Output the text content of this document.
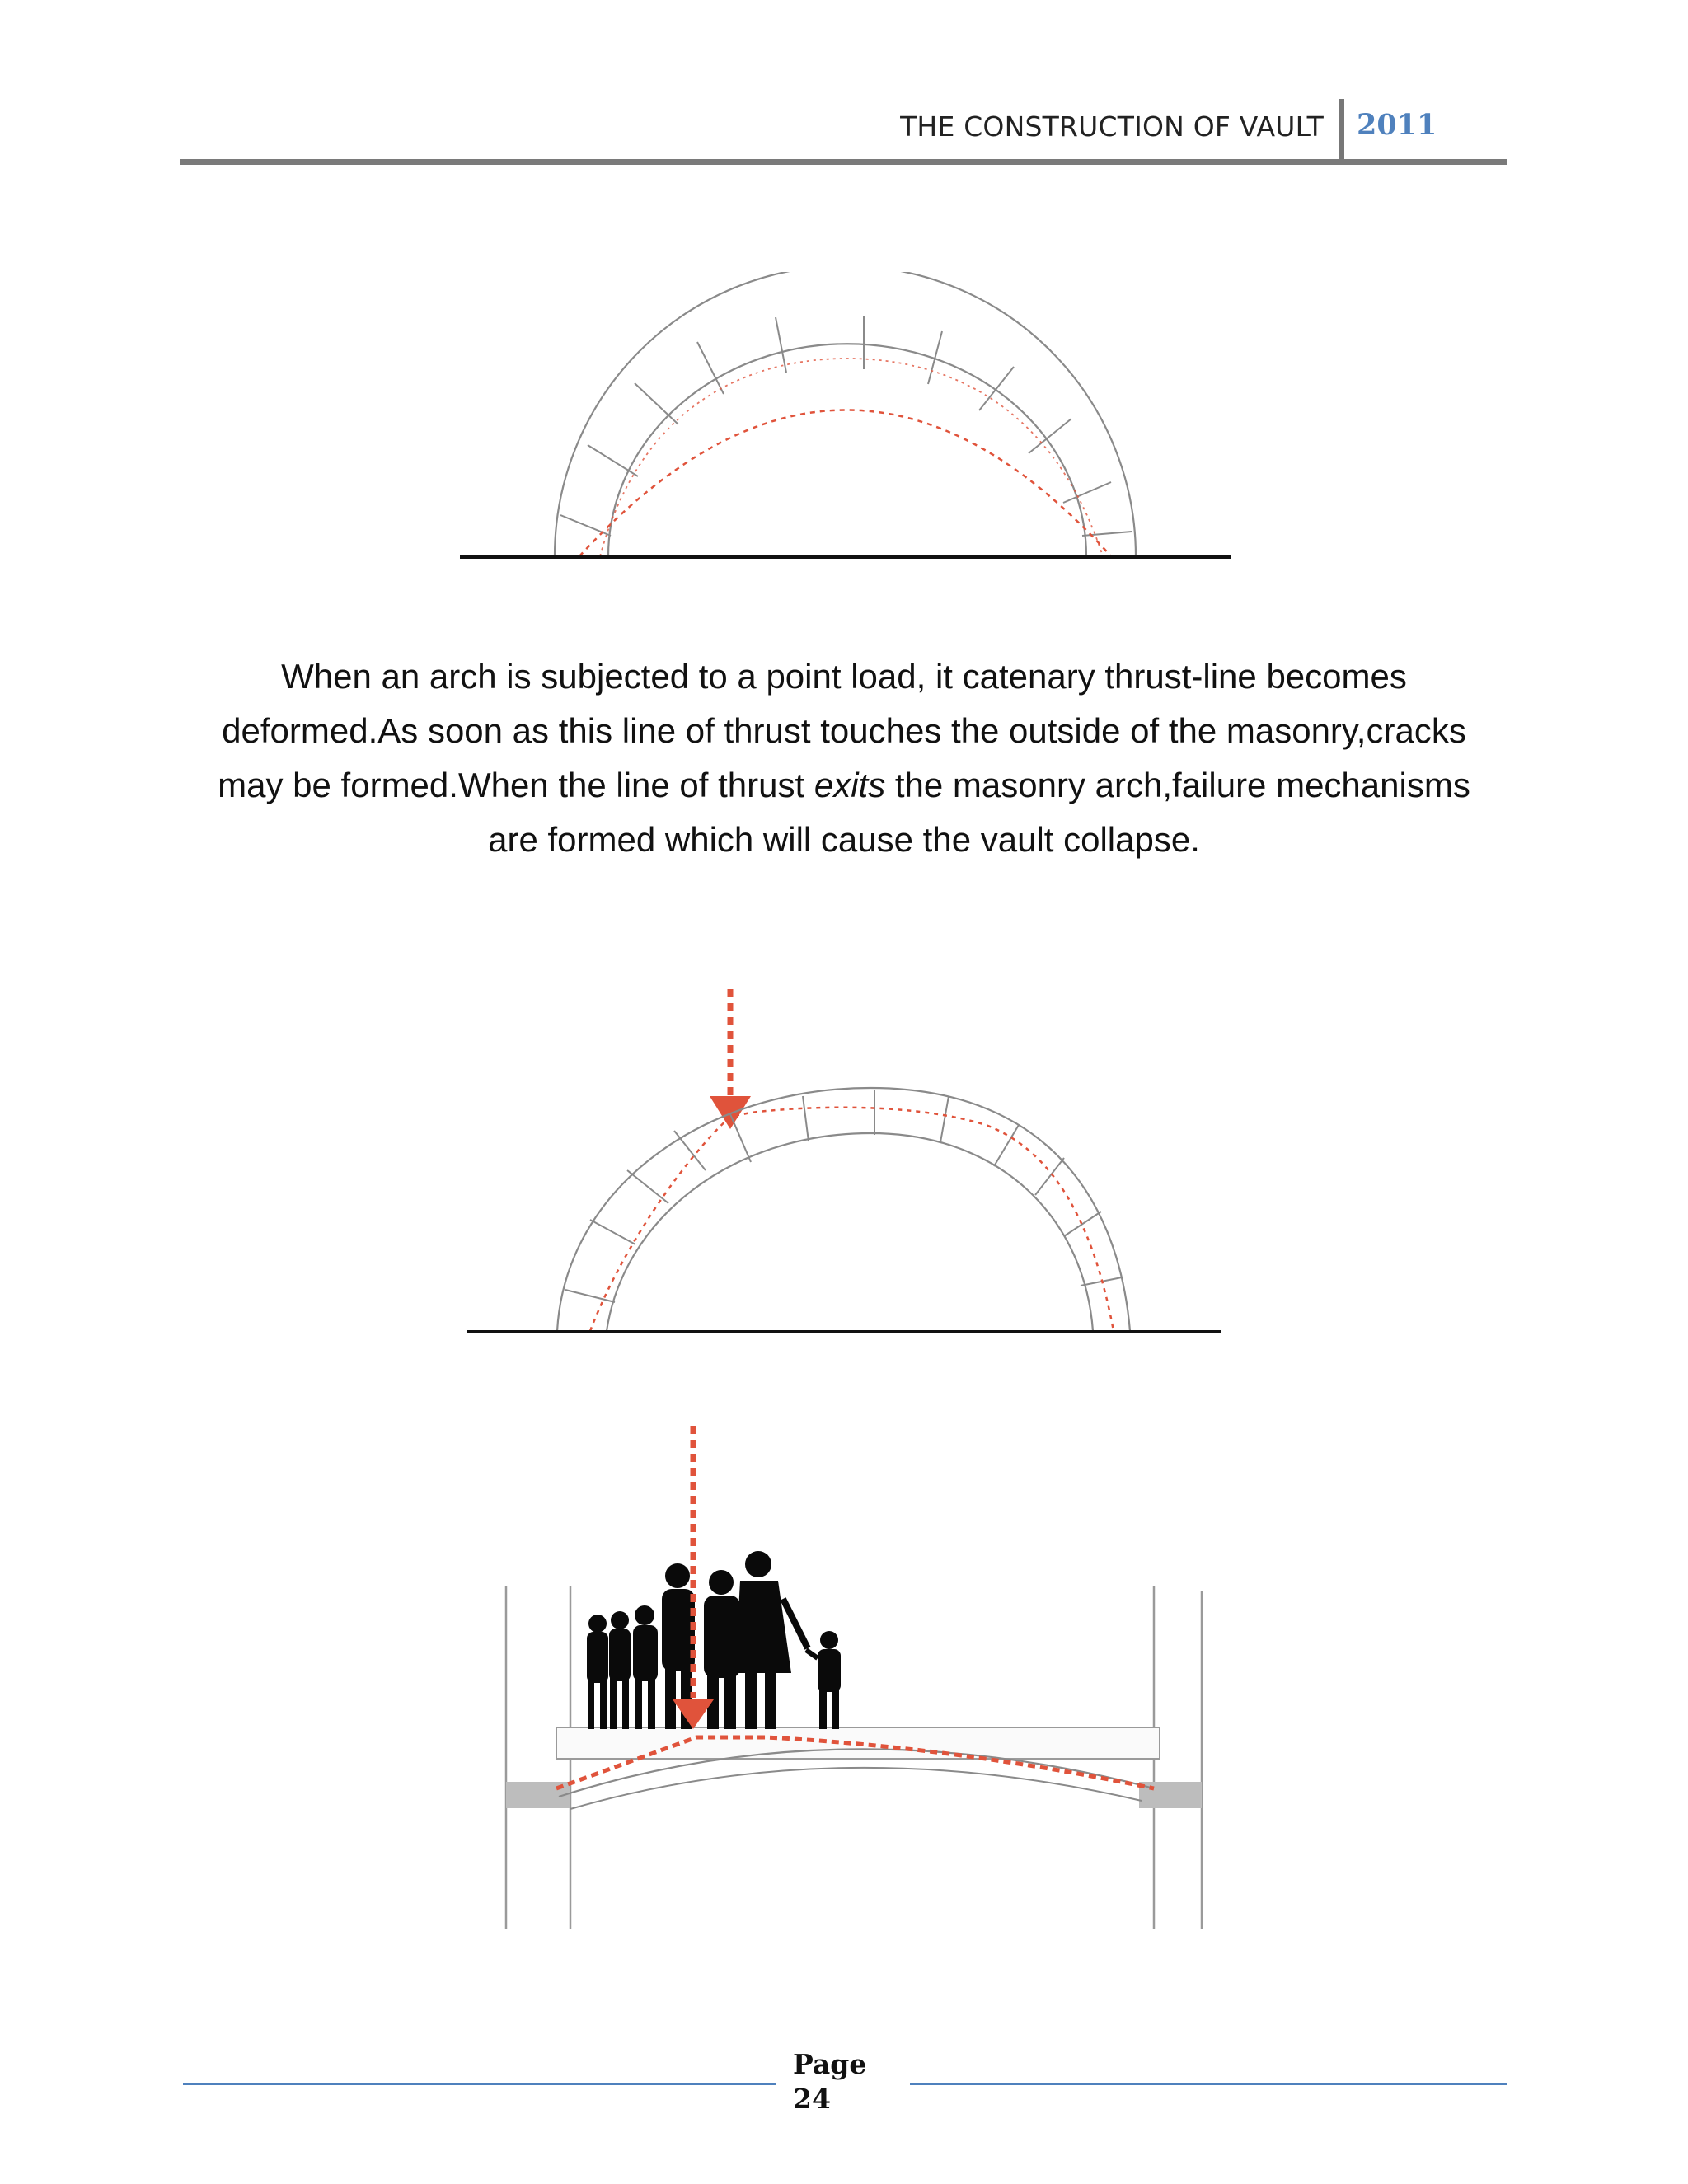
THE CONSTRUCTION OF VAULT 2011
When an arch is subjected to a point load, it catenary thrust-line becomes deformed.As soon as this line of thrust touches the outside of the masonry,cracks may be formed.When the line of thrust exits the masonry arch,failure mechanisms are formed which will cause the vault collapse.
Page
24
